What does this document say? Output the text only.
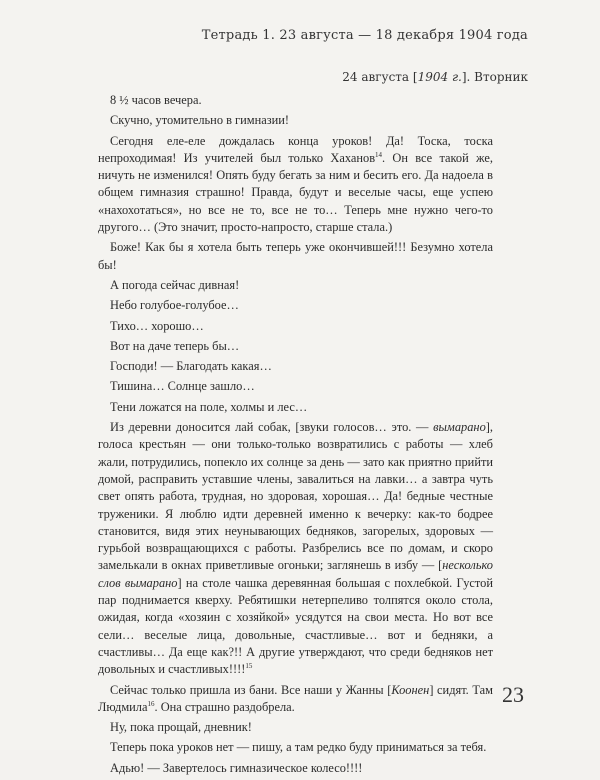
Тетрадь 1. 23 августа — 18 декабря 1904 года
24 августа [1904 г.]. Вторник

8 ½ часов вечера.

Скучно, утомительно в гимназии!

Сегодня еле-еле дождалась конца уроков! Да! Тоска, тоска непроходимая! Из учителей был только Хаханов$^{14}$. Он все такой же, ничуть не изменился! Опять буду бегать за ним и бесить его. Да надоела в общем гимназия страшно! Правда, будут и веселые часы, еще успею «нахохотаться», но все не то, все не то… Теперь мне нужно чего-то другого… (Это значит, просто-напросто, старше стала.)

Боже! Как бы я хотела быть теперь уже окончившей!!! Безумно хотела бы!

А погода сейчас дивная!

Небо голубое-голубое…

Тихо… хорошо…

Вот на даче теперь бы…

Господи! — Благодать какая…

Тишина… Солнце зашло…

Тени ложатся на поле, холмы и лес…

Из деревни доносится лай собак, [звуки голосов… это. — вымарано], голоса крестьян — они только-только возвратились с работы — хлеб жали, потрудились, попекло их солнце за день — зато как приятно прийти домой, расправить уставшие члены, завалиться на лавки… а завтра чуть свет опять работа, трудная, но здоровая, хорошая… Да! бедные честные труженики. Я люблю идти деревней именно к вечерку: как-то бодрее становится, видя этих неунывающих бедняков, загорелых, здоровых — гурьбой возвращающихся с работы. Разбрелись все по домам, и скоро замелькали в окнах приветливые огоньки; заглянешь в избу — [несколько слов вымарано] на столе чашка деревянная большая с похлебкой. Густой пар поднимается кверху. Ребятишки нетерпеливо толпятся около стола, ожидая, когда «хозяин с хозяйкой» усядутся на свои места. Но вот все сели… веселые лица, довольные, счастливые… вот и бедняки, а счастливы… Да еще как?!! А другие утверждают, что среди бедняков нет довольных и счастливых!!!!$^{15}$

Сейчас только пришла из бани. Все наши у Жанны [Коонен] сидят. Там Людмила$^{16}$. Она страшно раздобрела.

Ну, пока прощай, дневник!

Теперь пока уроков нет — пишу, а там редко буду приниматься за тебя.

Адью! — Завертелось гимназическое колесо!!!!

23
